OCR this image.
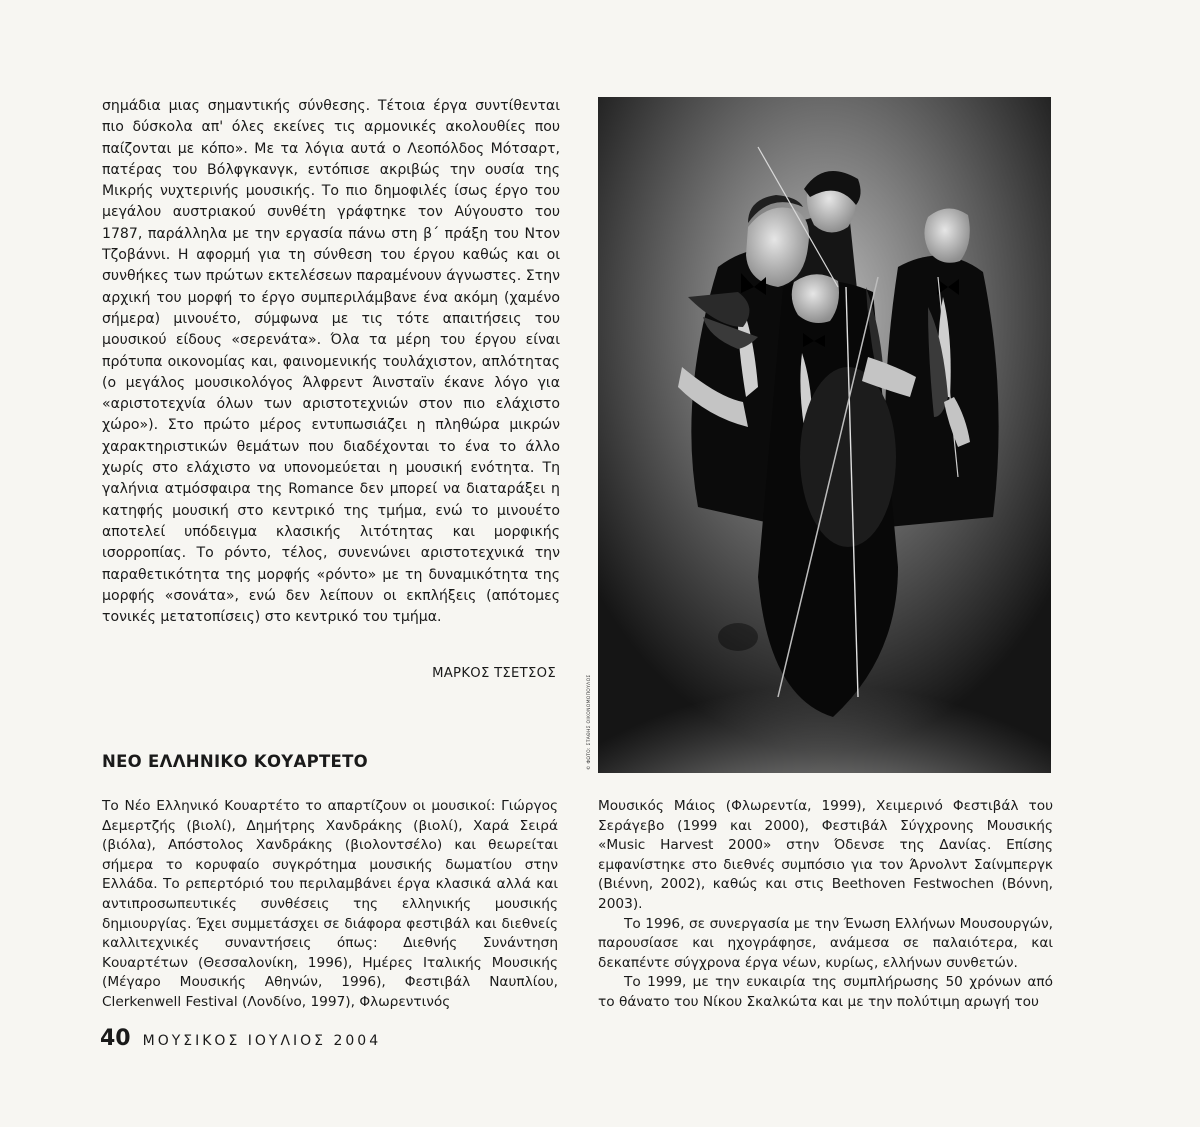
σημάδια μιας σημαντικής σύνθεσης. Τέτοια έργα συντίθενται πιο δύσκολα απ' όλες εκείνες τις αρμονικές ακολουθίες που παίζονται με κόπο». Με τα λόγια αυτά ο Λεοπόλδος Μότσαρτ, πατέρας του Βόλφγκανγκ, εντόπισε ακριβώς την ουσία της Μικρής νυχτερινής μουσικής. Το πιο δημοφιλές ίσως έργο του μεγάλου αυστριακού συνθέτη γράφτηκε τον Αύγουστο του 1787, παράλληλα με την εργασία πάνω στη β΄ πράξη του Ντον Τζοβάννι. Η αφορμή για τη σύνθεση του έργου καθώς και οι συνθήκες των πρώτων εκτελέσεων παραμένουν άγνωστες. Στην αρχική του μορφή το έργο συμπεριλάμβανε ένα ακόμη (χαμένο σήμερα) μινουέτο, σύμφωνα με τις τότε απαιτήσεις του μουσικού είδους «σερενάτα». Όλα τα μέρη του έργου είναι πρότυπα οικονομίας και, φαινομενικής τουλάχιστον, απλότητας (ο μεγάλος μουσικολόγος Άλφρεντ Άινσταϊν έκανε λόγο για «αριστοτεχνία όλων των αριστοτεχνιών στον πιο ελάχιστο χώρο»). Στο πρώτο μέρος εντυπωσιάζει η πληθώρα μικρών χαρακτηριστικών θεμάτων που διαδέχονται το ένα το άλλο χωρίς στο ελάχιστο να υπονομεύεται η μουσική ενότητα. Τη γαλήνια ατμόσφαιρα της Romance δεν μπορεί να διαταράξει η κατηφής μουσική στο κεντρικό της τμήμα, ενώ το μινουέτο αποτελεί υπόδειγμα κλασικής λιτότητας και μορφικής ισορροπίας. Το ρόντο, τέλος, συνενώνει αριστοτεχνικά την παραθετικότητα της μορφής «ρόντο» με τη δυναμικότητα της μορφής «σονάτα», ενώ δεν λείπουν οι εκπλήξεις (απότομες τονικές μετατοπίσεις) στο κεντρικό του τμήμα.

ΜΑΡΚΟΣ ΤΣΕΤΣΟΣ
© ΦΩΤΟ: ΣΤΑΘΗΣ ΟΙΚΟΝΟΜΟΠΟΥΛΟΣ
ΝΕΟ ΕΛΛΗΝΙΚΟ ΚΟΥΑΡΤΕΤΟ

Το Νέο Ελληνικό Κουαρτέτο το απαρτίζουν οι μουσικοί: Γιώργος Δεμερτζής (βιολί), Δημήτρης Χανδράκης (βιολί), Χαρά Σειρά (βιόλα), Απόστολος Χανδράκης (βιολοντσέλο) και θεωρείται σήμερα το κορυφαίο συγκρότημα μουσικής δωματίου στην Ελλάδα. Το ρεπερτόριό του περιλαμβάνει έργα κλασικά αλλά και αντιπροσωπευτικές συνθέσεις της ελληνικής μουσικής δημιουργίας. Έχει συμμετάσχει σε διάφορα φεστιβάλ και διεθνείς καλλιτεχνικές συναντήσεις όπως: Διεθνής Συνάντηση Κουαρτέτων (Θεσσαλονίκη, 1996), Ημέρες Ιταλικής Μουσικής (Μέγαρο Μουσικής Αθηνών, 1996), Φεστιβάλ Ναυπλίου, Clerkenwell Festival (Λονδίνο, 1997), Φλωρεντινός

Μουσικός Μάιος (Φλωρεντία, 1999), Χειμερινό Φεστιβάλ του Σεράγεβο (1999 και 2000), Φεστιβάλ Σύγχρονης Μουσικής «Music Harvest 2000» στην Όδενσε της Δανίας. Επίσης εμφανίστηκε στο διεθνές συμπόσιο για τον Άρνολντ Σαίνμπεργκ (Βιέννη, 2002), καθώς και στις Beethoven Festwochen (Βόννη, 2003).

Το 1996, σε συνεργασία με την Ένωση Ελλήνων Μουσουργών, παρουσίασε και ηχογράφησε, ανάμεσα σε παλαιότερα, και δεκαπέντε σύγχρονα έργα νέων, κυρίως, ελλήνων συνθετών.

Το 1999, με την ευκαιρία της συμπλήρωσης 50 χρόνων από το θάνατο του Νίκου Σκαλκώτα και με την πολύτιμη αρωγή του

40 ΜΟΥΣΙΚΟΣ ΙΟΥΛΙΟΣ 2004
